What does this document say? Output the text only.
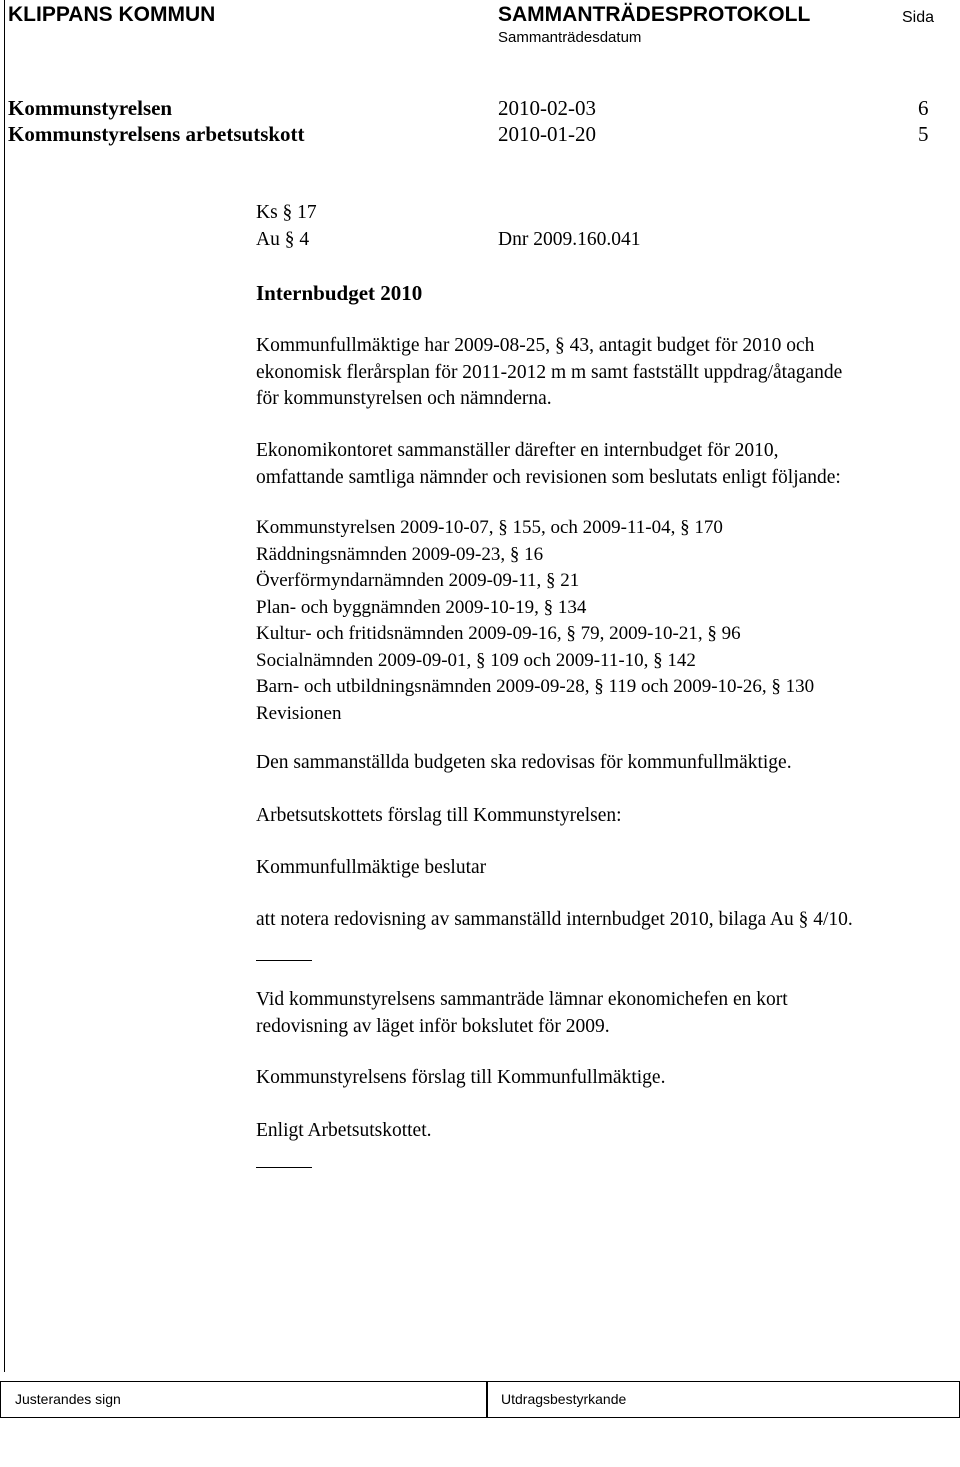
KLIPPANS KOMMUN	SAMMANTRÄDESPROTOKOLL	Sida
Sammanträdesdatum
Kommunstyrelsen	2010-02-03	6
Kommunstyrelsens arbetsutskott	2010-01-20	5
Ks § 17
Au § 4	Dnr 2009.160.041
Internbudget 2010
Kommunfullmäktige har 2009-08-25, § 43, antagit budget för 2010 och
ekonomisk flerårsplan för 2011-2012 m m samt fastställt uppdrag/åtagande
för kommunstyrelsen och nämnderna.
Ekonomikontoret sammanställer därefter en internbudget för 2010,
omfattande samtliga nämnder och revisionen som beslutats enligt följande:
Kommunstyrelsen 2009-10-07, § 155, och 2009-11-04, § 170
Räddningsnämnden 2009-09-23, § 16
Överförmyndarnämnden 2009-09-11, § 21
Plan- och byggnämnden 2009-10-19, § 134
Kultur- och fritidsnämnden 2009-09-16, § 79, 2009-10-21, § 96
Socialnämnden 2009-09-01, § 109 och 2009-11-10, § 142
Barn- och utbildningsnämnden 2009-09-28, § 119 och 2009-10-26, § 130
Revisionen
Den sammanställda budgeten ska redovisas för kommunfullmäktige.
Arbetsutskottets förslag till Kommunstyrelsen:
Kommunfullmäktige beslutar
att notera redovisning av sammanställd internbudget 2010, bilaga Au § 4/10.
Vid kommunstyrelsens sammanträde lämnar ekonomichefen en kort
redovisning av läget inför bokslutet för 2009.
Kommunstyrelsens förslag till Kommunfullmäktige.
Enligt Arbetsutskottet.
Justerandes sign	Utdragsbestyrkande
